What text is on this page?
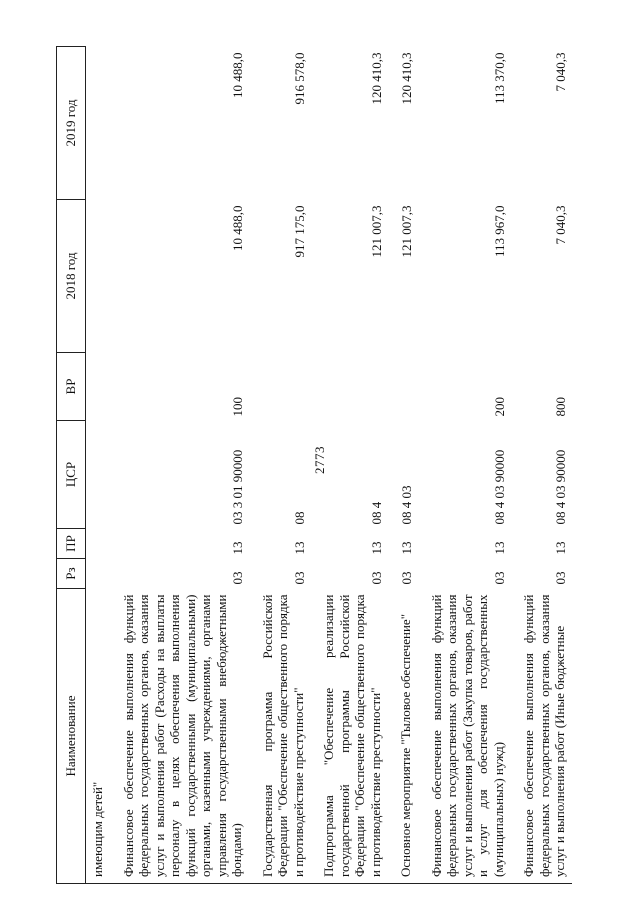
2773
Наименование	Рз	ПР	ЦСР	ВР	2018 год	2019 год
имеющим детей"						

Финансовое обеспечение выполнения функций федеральных государственных органов, оказания услуг и выполнения работ (Расходы на выплаты персоналу в целях обеспечения выполнения функций государственными (муниципальными) органами, казенными учреждениями, органами управления государственными внебюджетными фондами)	03	13	03 3 01 90000	100	10 488,0	10 488,0

Государственная программа Российской Федерации "Обеспечение общественного порядка и противодействие преступности"	03	13	08		917 175,0	916 578,0

Подпрограмма "Обеспечение реализации государственной программы Российской Федерации "Обеспечение общественного порядка и противодействие преступности"	03	13	08 4		121 007,3	120 410,3

Основное мероприятие "Тыловое обеспечение"	03	13	08 4 03		121 007,3	120 410,3

Финансовое обеспечение выполнения функций федеральных государственных органов, оказания услуг и выполнения работ (Закупка товаров, работ и услуг для обеспечения государственных (муниципальных) нужд)	03	13	08 4 03 90000	200	113 967,0	113 370,0

Финансовое обеспечение выполнения функций федеральных государственных органов, оказания услуг и выполнения работ (Иные бюджетные	03	13	08 4 03 90000	800	7 040,3	7 040,3
